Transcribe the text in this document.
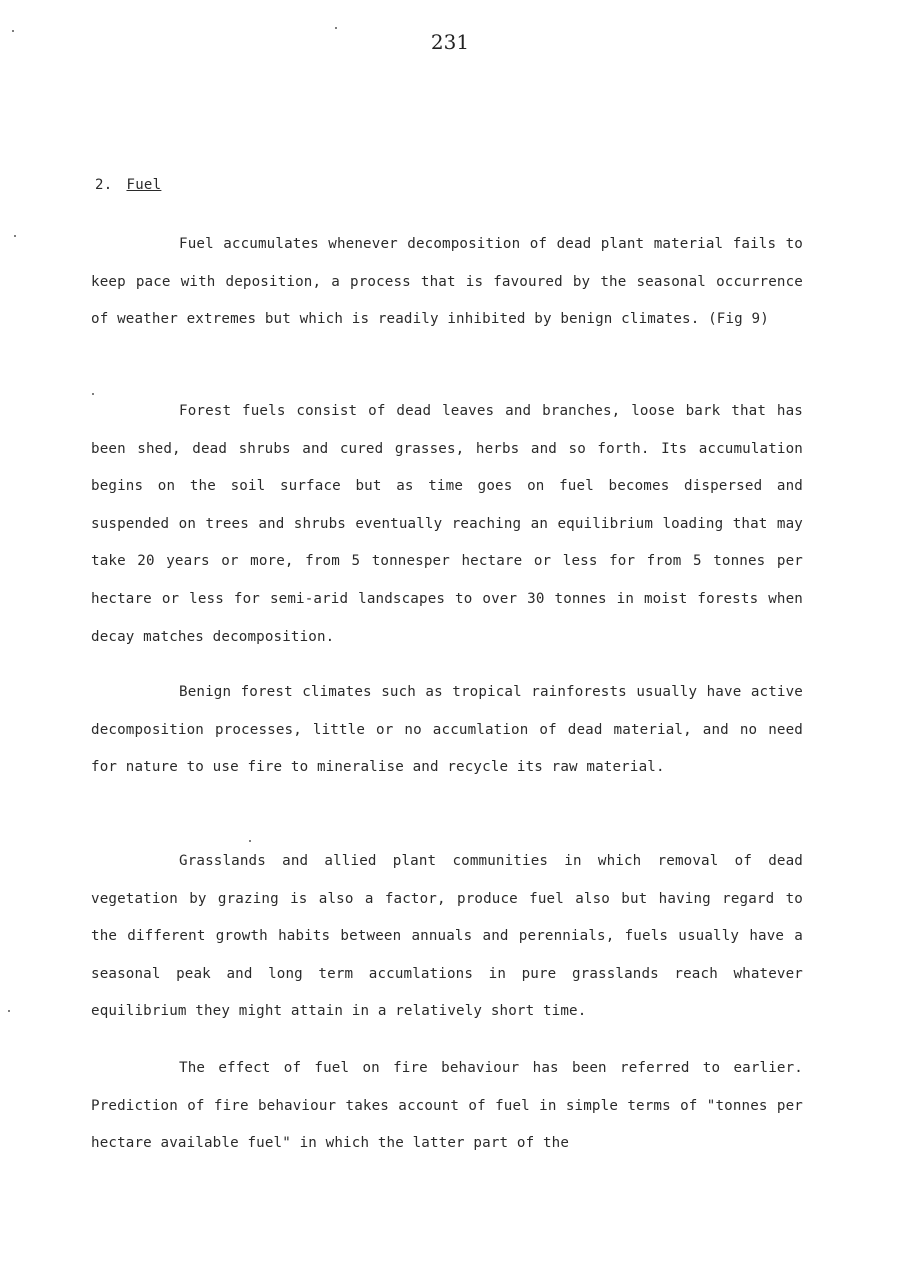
231
2. Fuel

Fuel accumulates whenever decomposition of dead plant material fails to keep pace with deposition, a process that is favoured by the seasonal occurrence of weather extremes but which is readily inhibited by benign climates. (Fig 9)

Forest fuels consist of dead leaves and branches, loose bark that has been shed, dead shrubs and cured grasses, herbs and so forth. Its accumulation begins on the soil surface but as time goes on fuel becomes dispersed and suspended on trees and shrubs eventually reaching an equilibrium loading that may take 20 years or more, from 5 tonnesper hectare or less for from 5 tonnes per hectare or less for semi-arid landscapes to over 30 tonnes in moist forests when decay matches decomposition.

Benign forest climates such as tropical rainforests usually have active decomposition processes, little or no accumlation of dead material, and no need for nature to use fire to mineralise and recycle its raw material.

Grasslands and allied plant communities in which removal of dead vegetation by grazing is also a factor, produce fuel also but having regard to the different growth habits between annuals and perennials, fuels usually have a seasonal peak and long term accumlations in pure grasslands reach whatever equilibrium they might attain in a relatively short time.

The effect of fuel on fire behaviour has been referred to earlier. Prediction of fire behaviour takes account of fuel in simple terms of "tonnes per hectare available fuel" in which the latter part of the
